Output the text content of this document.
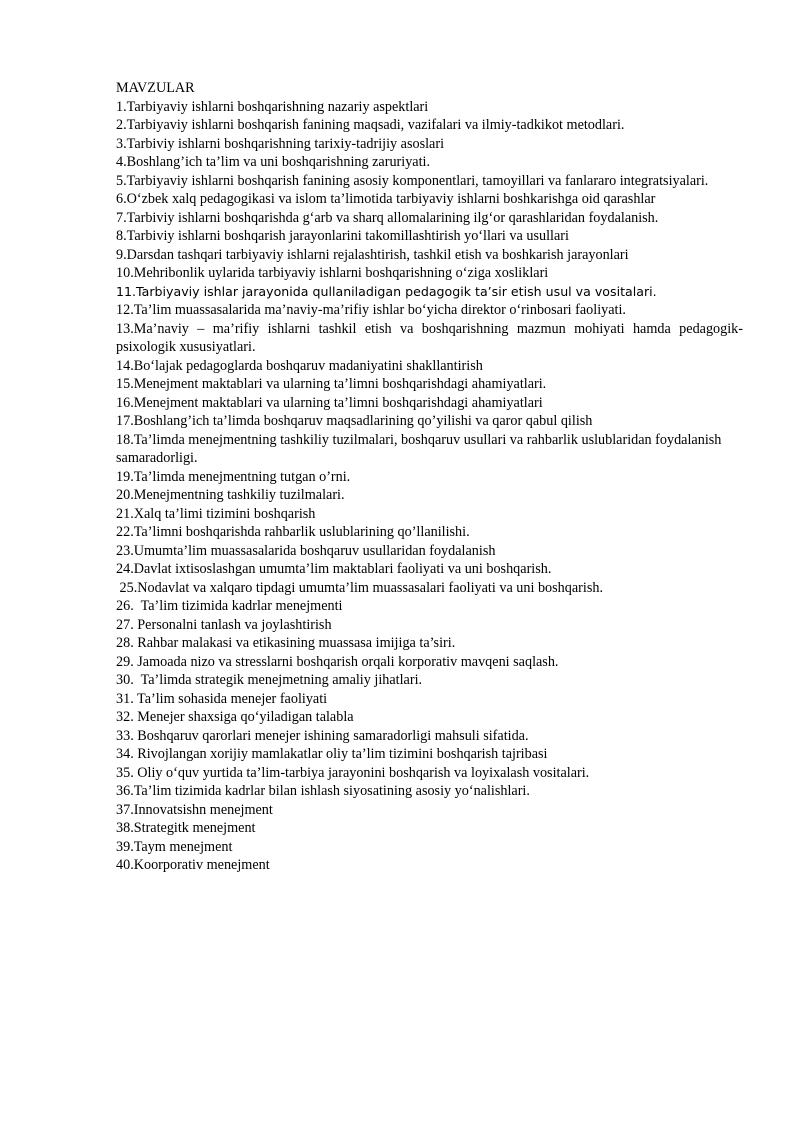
MAVZULAR

1.Tarbiyaviy ishlarni boshqarishning nazariy aspektlari

2.Tarbiyaviy ishlarni boshqarish fanining maqsadi, vazifalari va ilmiy-tadkikot metodlari.

3.Tarbiviy ishlarni boshqarishning tarixiy-tadrijiy asoslari

4.Boshlang’ich ta’lim va uni boshqarishning zaruriyati.

5.Tarbiyaviy ishlarni boshqarish fanining asosiy komponentlari, tamoyillari va fanlararo integratsiyalari.

6.O‘zbek xalq pedagogikasi va islom ta’limotida tarbiyaviy ishlarni boshkarishga oid qarashlar

7.Tarbiviy ishlarni boshqarishda g‘arb va sharq allomalarining ilg‘or qarashlaridan foydalanish.

8.Tarbiviy ishlarni boshqarish jarayonlarini takomillashtirish yo‘llari va usullari

9.Darsdan tashqari tarbiyaviy ishlarni rejalashtirish, tashkil etish va boshkarish jarayonlari

10.Mehribonlik uylarida tarbiyaviy ishlarni boshqarishning o‘ziga xosliklari

11.Tarbiyaviy ishlar jarayonida qullaniladigan pedagogik ta’sir etish usul va vositalari.

12.Ta’lim muassasalarida ma’naviy-ma’rifiy ishlar bo‘yicha direktor o‘rinbosari faoliyati.

13.Ma’naviy – ma’rifiy ishlarni tashkil etish va boshqarishning mazmun mohiyati hamda pedagogik-psixologik xususiyatlari.

14.Bo‘lajak pedagoglarda boshqaruv madaniyatini shakllantirish

15.Menejment maktablari va ularning ta’limni boshqarishdagi ahamiyatlari.

16.Menejment maktablari va ularning ta’limni boshqarishdagi ahamiyatlari

17.Boshlang’ich ta’limda boshqaruv maqsadlarining qo’yilishi va qaror qabul qilish

18.Ta’limda menejmentning tashkiliy tuzilmalari, boshqaruv usullari va rahbarlik uslublaridan foydalanish samaradorligi.

19.Ta’limda menejmentning tutgan o’rni.

20.Menejmentning tashkiliy tuzilmalari.

21.Xalq ta’limi tizimini boshqarish

22.Ta’limni boshqarishda rahbarlik uslublarining qo’llanilishi.

23.Umumta’lim muassasalarida boshqaruv usullaridan foydalanish

24.Davlat ixtisoslashgan umumta’lim maktablari faoliyati va uni boshqarish.

25.Nodavlat va xalqaro tipdagi umumta’lim muassasalari faoliyati va uni boshqarish.

26.  Ta’lim tizimida kadrlar menejmenti

27. Personalni tanlash va joylashtirish

28. Rahbar malakasi va etikasining muassasa imijiga ta’siri.

29. Jamoada nizo va stresslarni boshqarish orqali korporativ mavqeni saqlash.

30.  Ta’limda strategik menejmetning amaliy jihatlari.

31. Ta’lim sohasida menejer faoliyati

32. Menejer shaxsiga qo‘yiladigan talabla

33. Boshqaruv qarorlari menejer ishining samaradorligi mahsuli sifatida.

34. Rivojlangan xorijiy mamlakatlar oliy ta’lim tizimini boshqarish tajribasi

35. Oliy o‘quv yurtida ta’lim-tarbiya jarayonini boshqarish va loyixalash vositalari.

36.Ta’lim tizimida kadrlar bilan ishlash siyosatining asosiy yo‘nalishlari.

37.Innovatsishn menejment

38.Strategitk menejment

39.Taym menejment

40.Koorporativ menejment
